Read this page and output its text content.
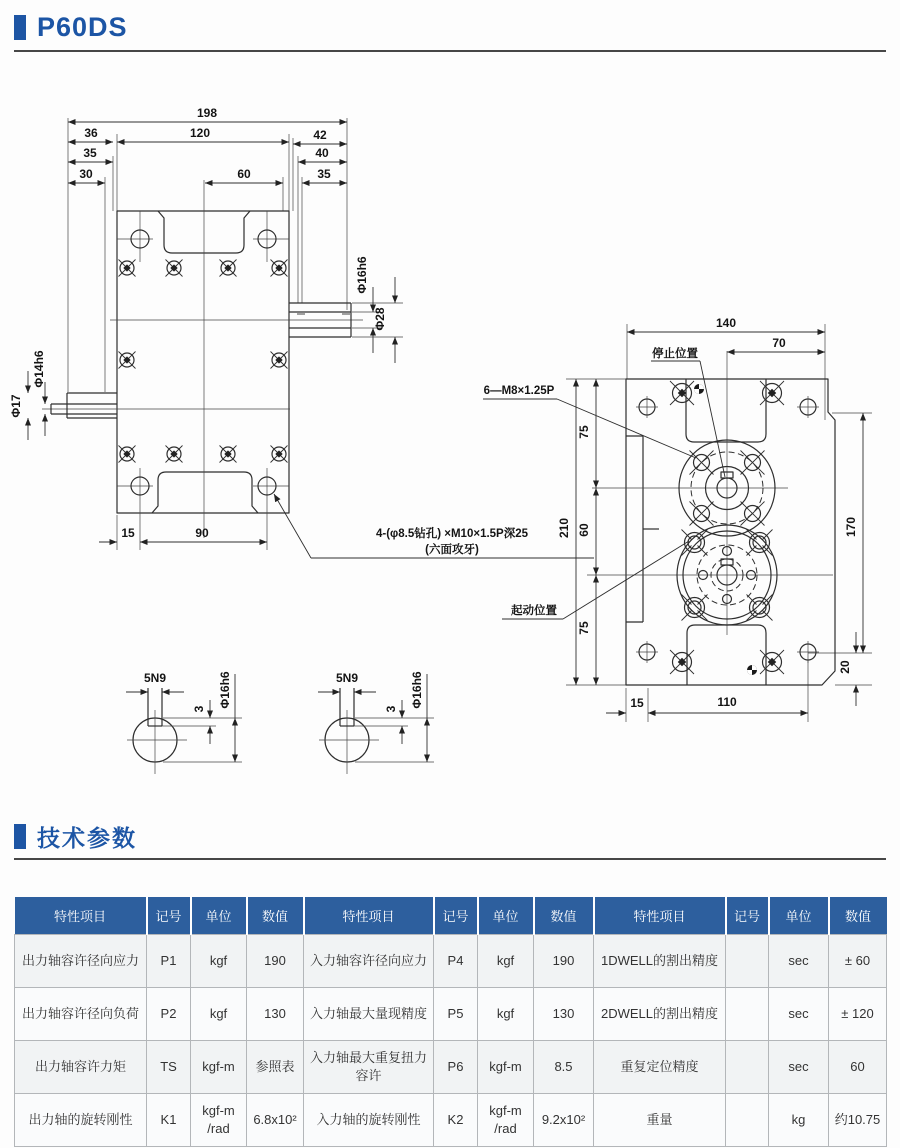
P60DS
198
36	120	42
35	40
30	60	35
Φ16h6
Φ28
Φ14h6
Φ17
15	90	4-(φ8.5钻孔) ×M10×1.5P深25
(六面攻牙)
140
70
210
75
60
75
170
20
15	110
停止位置
6—M8×1.25P
起动位置
5N9
3
Φ16h6	5N9
3
Φ16h6
技术参数
特性项目	记号	单位	数值	特性项目	记号	单位	数值	特性项目	记号	单位	数值
出力轴容许径向应力	P1	kgf	190	入力轴容许径向应力	P4	kgf	190	1DWELL的割出精度		sec	± 60
出力轴容许径向负荷	P2	kgf	130	入力轴最大量现精度	P5	kgf	130	2DWELL的割出精度		sec	± 120
出力轴容许力矩	TS	kgf-m	参照表	入力轴最大重复扭力容许	P6	kgf-m	8.5	重复定位精度		sec	60
出力轴的旋转刚性	K1	kgf-m /rad	6.8x10²	入力轴的旋转刚性	K2	kgf-m /rad	9.2x10²	重量		kg	约10.75
